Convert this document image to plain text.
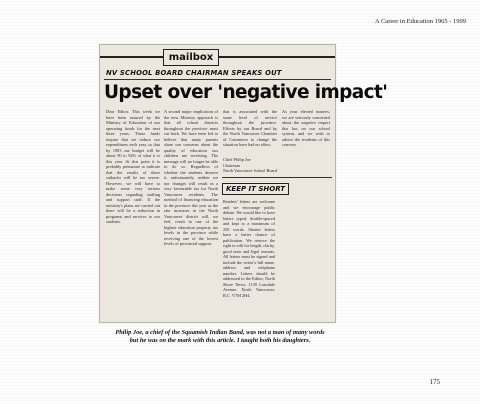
A Career in Education 1965 - 1999
mailbox
NV SCHOOL BOARD CHAIRMAN SPEAKS OUT
Upset over 'negative impact'
Dear Editor. This week we have been assured by the Ministry of Education of our operating funds for the next three years. These funds require that we reduce our expenditures each year, so that by 1983 our budget will be about 90 to 92% of what it is this year. At this point it is probably premature to indicate that the results of these cutbacks will be too severe. However, we will have to make some very serious decisions regarding staffing and support staff. If the ministry's plans are carried out there will be a reduction in programs and services to our students.
A second major implication of the new Ministry approach is that all school districts throughout the province must cut back. We have been led to believe that many parents share our concerns about the quality of education our children are receiving. The message will no longer be able to do so. Regardless of whether the students deserve it, unfortunately, neither we nor changes will result in a very favourable tax for North Vancouver residents. The method of financing education in the province this year as the rate increases in the North Vancouver district will, we feel, result in one of the highest education property tax levels in the province while receiving one of the lowest levels of provincial support.
that is associated with the same level of service throughout the province. Efforts by our Board and by the North Vancouver Chamber of Commerce to change the situation have had no effect.
As your elected trustees, we are seriously concerned about the negative impact this has on our school system, and we wish to advise the residents of this concern.
Chief Philip Joe
Chairman
North Vancouver School Board
KEEP IT SHORT
Readers' letters are welcome and we encourage public debate. We would like to have letters typed, double-spaced and kept to a maximum of 250 words. Shorter letters have a better chance of publication. We reserve the right to edit for length, clarity, good taste and legal reasons. All letters must be signed and include the writer's full name, address and telephone number. Letters should be addressed to the Editor, North Shore News, 1139 Lonsdale Avenue, North Vancouver, B.C. V7M 2H4.
Philip Joe, a chief of the Squamish Indian Band, was not a man of many words
but he was on the mark with this article. I taught both his daughters.
175
